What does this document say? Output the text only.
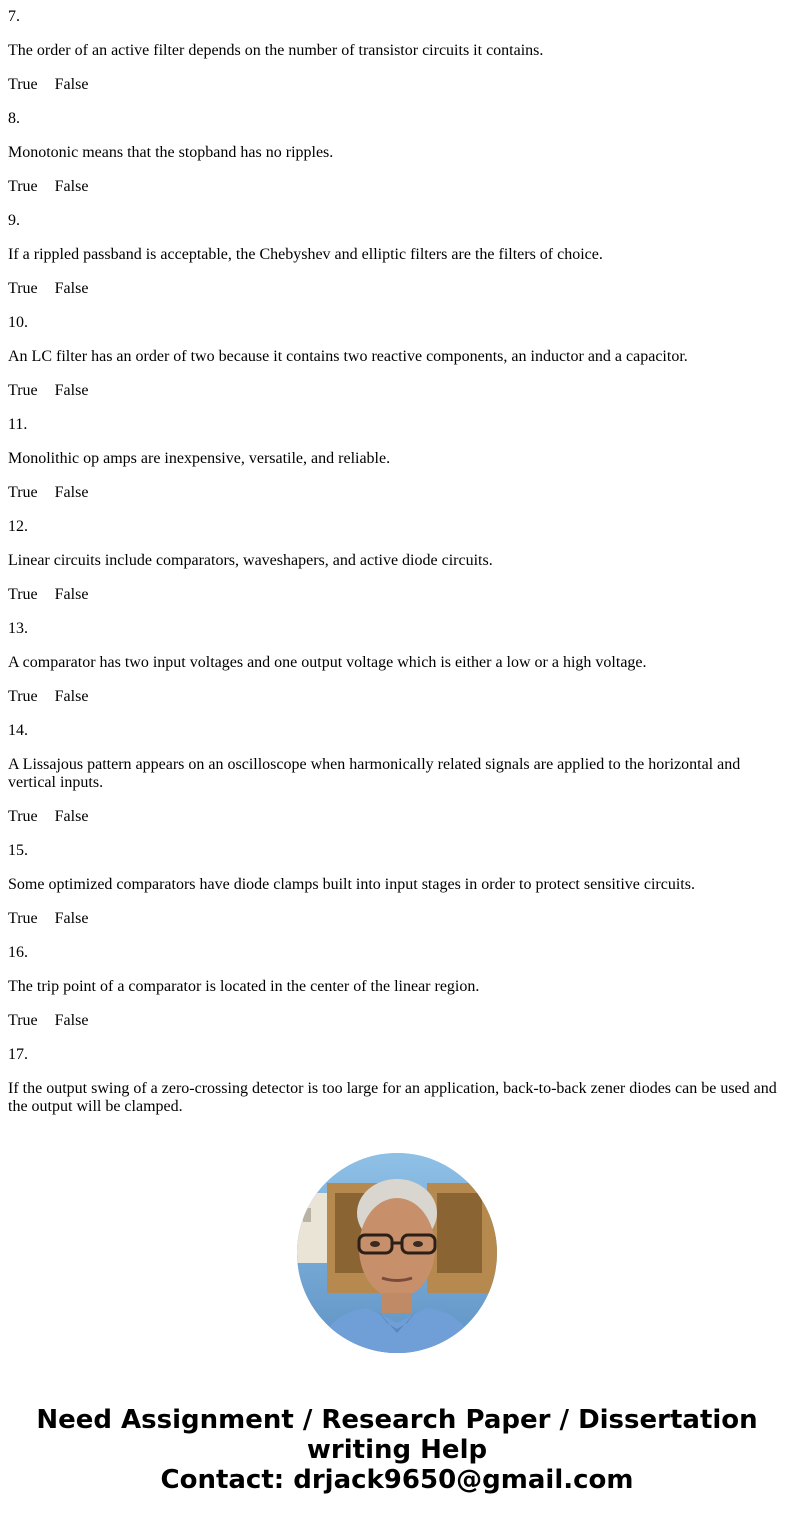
7.
The order of an active filter depends on the number of transistor circuits it contains.
True False
8.
Monotonic means that the stopband has no ripples.
True False
9.
If a rippled passband is acceptable, the Chebyshev and elliptic filters are the filters of choice.
True False
10.
An LC filter has an order of two because it contains two reactive components, an inductor and a capacitor.
True False
11.
Monolithic op amps are inexpensive, versatile, and reliable.
True False
12.
Linear circuits include comparators, waveshapers, and active diode circuits.
True False
13.
A comparator has two input voltages and one output voltage which is either a low or a high voltage.
True False
14.
A Lissajous pattern appears on an oscilloscope when harmonically related signals are applied to the horizontal and vertical inputs.
True False
15.
Some optimized comparators have diode clamps built into input stages in order to protect sensitive circuits.
True False
16.
The trip point of a comparator is located in the center of the linear region.
True False
17.
If the output swing of a zero-crossing detector is too large for an application, back-to-back zener diodes can be used and the output will be clamped.
Need Assignment / Research Paper / Dissertation
writing Help
Contact: drjack9650@gmail.com
